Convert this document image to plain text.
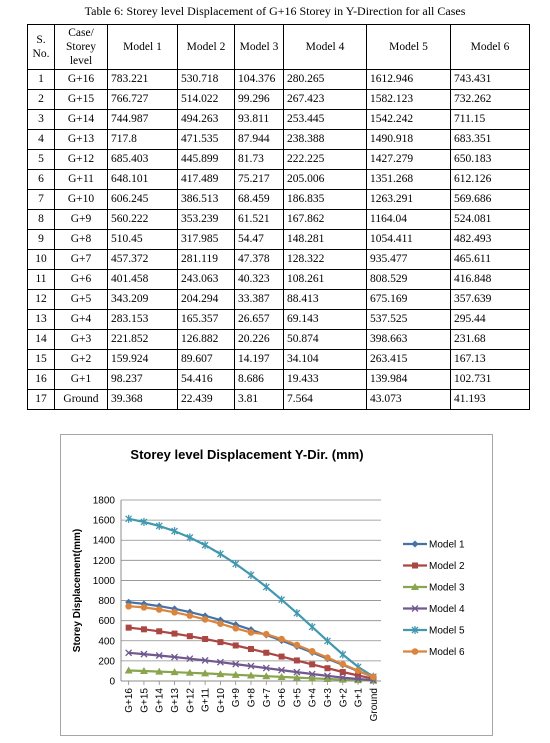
Table 6: Storey level Displacement of G+16 Storey in Y-Direction for all Cases
S. No.	Case/ Storey level	Model 1	Model 2	Model 3	Model 4	Model 5	Model 6
1	G+16	783.221	530.718	104.376	280.265	1612.946	743.431
2	G+15	766.727	514.022	99.296	267.423	1582.123	732.262
3	G+14	744.987	494.263	93.811	253.445	1542.242	711.15
4	G+13	717.8	471.535	87.944	238.388	1490.918	683.351
5	G+12	685.403	445.899	81.73	222.225	1427.279	650.183
6	G+11	648.101	417.489	75.217	205.006	1351.268	612.126
7	G+10	606.245	386.513	68.459	186.835	1263.291	569.686
8	G+9	560.222	353.239	61.521	167.862	1164.04	524.081
9	G+8	510.45	317.985	54.47	148.281	1054.411	482.493
10	G+7	457.372	281.119	47.378	128.322	935.477	465.611
11	G+6	401.458	243.063	40.323	108.261	808.529	416.848
12	G+5	343.209	204.294	33.387	88.413	675.169	357.639
13	G+4	283.153	165.357	26.657	69.143	537.525	295.44
14	G+3	221.852	126.882	20.226	50.874	398.663	231.68
15	G+2	159.924	89.607	14.197	34.104	263.415	167.13
16	G+1	98.237	54.416	8.686	19.433	139.984	102.731
17	Ground	39.368	22.439	3.81	7.564	43.073	41.193
Storey level Displacement Y-Dir. (mm)
0
200
400
600
800
1000
1200
1400
1600
1800
Storey Displacement(mm)
G+16 G+15 G+14 G+13 G+12 G+11 G+10 G+9 G+8 G+7 G+6 G+5 G+4 G+3 G+2 G+1 Ground
Model 1
Model 2
Model 3
Model 4
Model 5
Model 6
